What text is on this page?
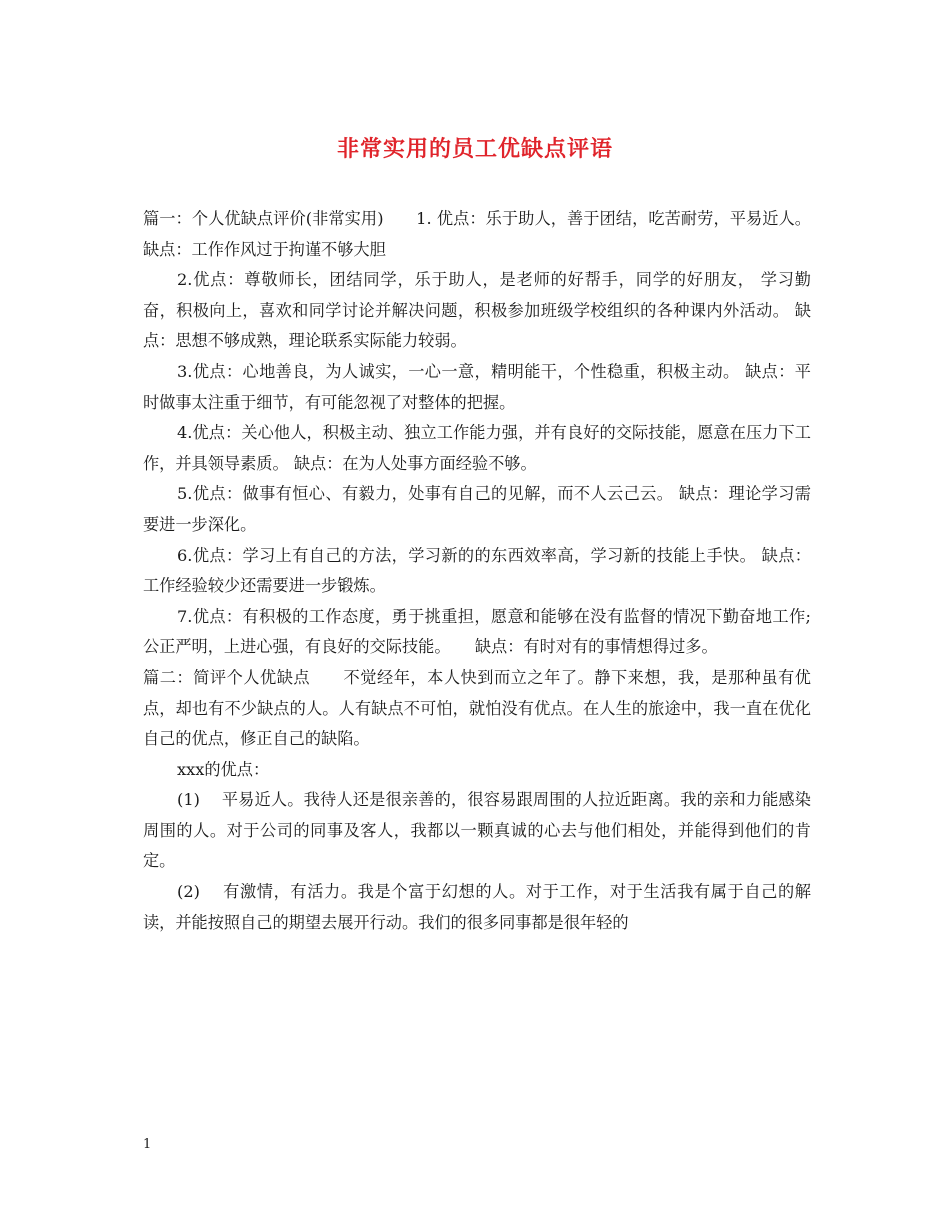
非常实用的员工优缺点评语

篇一：个人优缺点评价(非常实用)　　1. 优点：乐于助人，善于团结，吃苦耐劳，平易近人。 缺点：工作作风过于拘谨不够大胆

2.优点：尊敬师长，团结同学，乐于助人，是老师的好帮手，同学的好朋友， 学习勤奋，积极向上，喜欢和同学讨论并解决问题，积极参加班级学校组织的各种课内外活动。 缺点：思想不够成熟，理论联系实际能力较弱。

3.优点：心地善良，为人诚实，一心一意，精明能干，个性稳重，积极主动。 缺点：平时做事太注重于细节，有可能忽视了对整体的把握。

4.优点：关心他人，积极主动、独立工作能力强，并有良好的交际技能，愿意在压力下工 作，并具领导素质。 缺点：在为人处事方面经验不够。

5.优点：做事有恒心、有毅力，处事有自己的见解，而不人云己云。 缺点：理论学习需要进一步深化。

6.优点：学习上有自己的方法，学习新的的东西效率高，学习新的技能上手快。 缺点：工作经验较少还需要进一步锻炼。

7.优点：有积极的工作态度，勇于挑重担，愿意和能够在没有监督的情况下勤奋地工作; 公正严明，上进心强，有良好的交际技能。　　缺点：有时对有的事情想得过多。

篇二：简评个人优缺点　　不觉经年，本人快到而立之年了。静下来想，我，是那种虽有优点，却也有不少缺点的人。人有缺点不可怕，就怕没有优点。在人生的旅途中，我一直在优化自己的优点，修正自己的缺陷。

xxx的优点：

(1)　 平易近人。我待人还是很亲善的，很容易跟周围的人拉近距离。我的亲和力能感染周围的人。对于公司的同事及客人，我都以一颗真诚的心去与他们相处，并能得到他们的肯定。

(2)　 有激情，有活力。我是个富于幻想的人。对于工作，对于生活我有属于自己的解读，并能按照自己的期望去展开行动。我们的很多同事都是很年轻的

1
